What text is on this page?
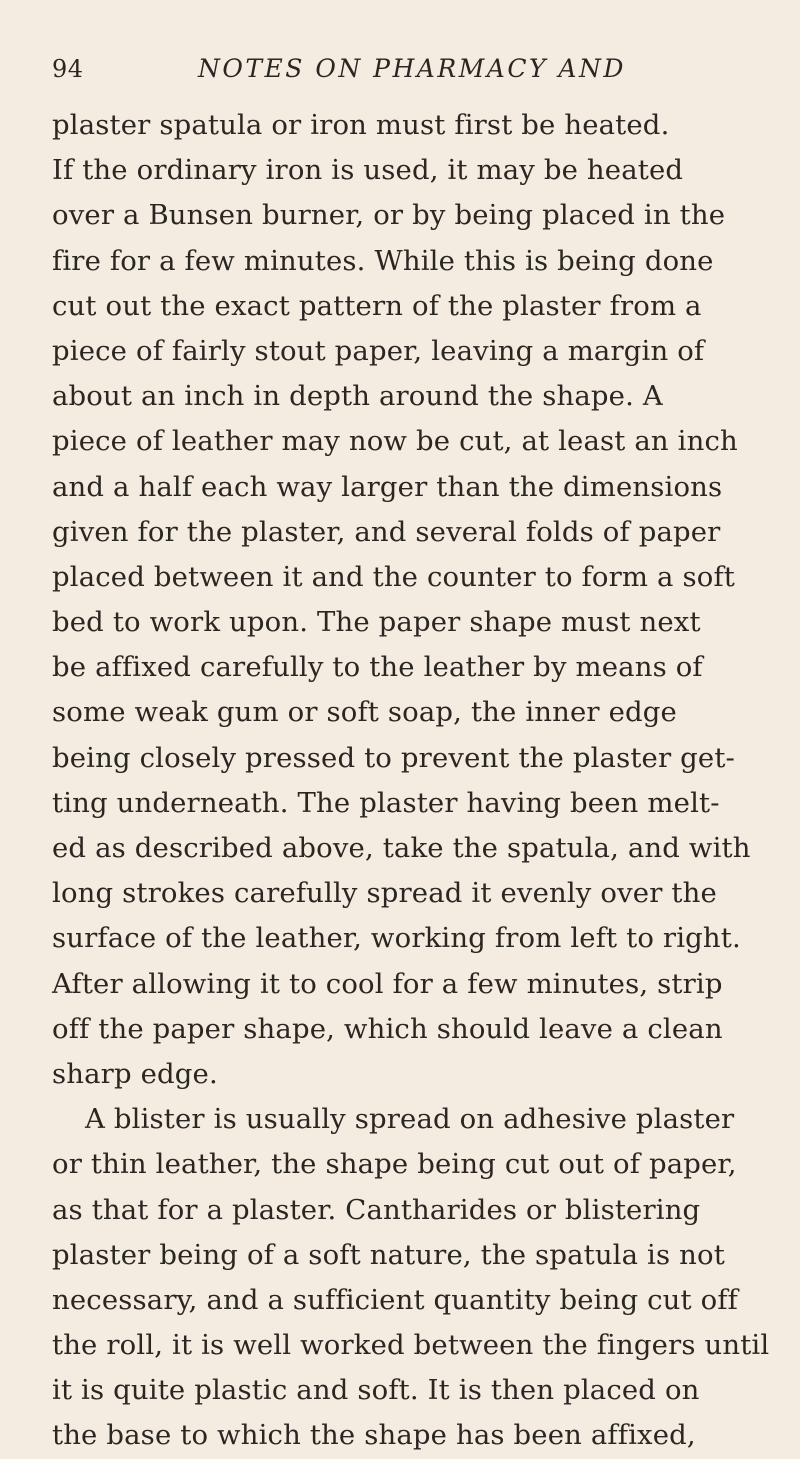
94	NOTES ON PHARMACY AND
plaster spatula or iron must first be heated.
If the ordinary iron is used, it may be heated
over a Bunsen burner, or by being placed in the
fire for a few minutes. While this is being done
cut out the exact pattern of the plaster from a
piece of fairly stout paper, leaving a margin of
about an inch in depth around the shape. A
piece of leather may now be cut, at least an inch
and a half each way larger than the dimensions
given for the plaster, and several folds of paper
placed between it and the counter to form a soft
bed to work upon. The paper shape must next
be affixed carefully to the leather by means of
some weak gum or soft soap, the inner edge
being closely pressed to prevent the plaster get-
ting underneath. The plaster having been melt-
ed as described above, take the spatula, and with
long strokes carefully spread it evenly over the
surface of the leather, working from left to right.
After allowing it to cool for a few minutes, strip
off the paper shape, which should leave a clean
sharp edge.
A blister is usually spread on adhesive plaster
or thin leather, the shape being cut out of paper,
as that for a plaster. Cantharides or blistering
plaster being of a soft nature, the spatula is not
necessary, and a sufficient quantity being cut off
the roll, it is well worked between the fingers until
it is quite plastic and soft. It is then placed on
the base to which the shape has been affixed,
